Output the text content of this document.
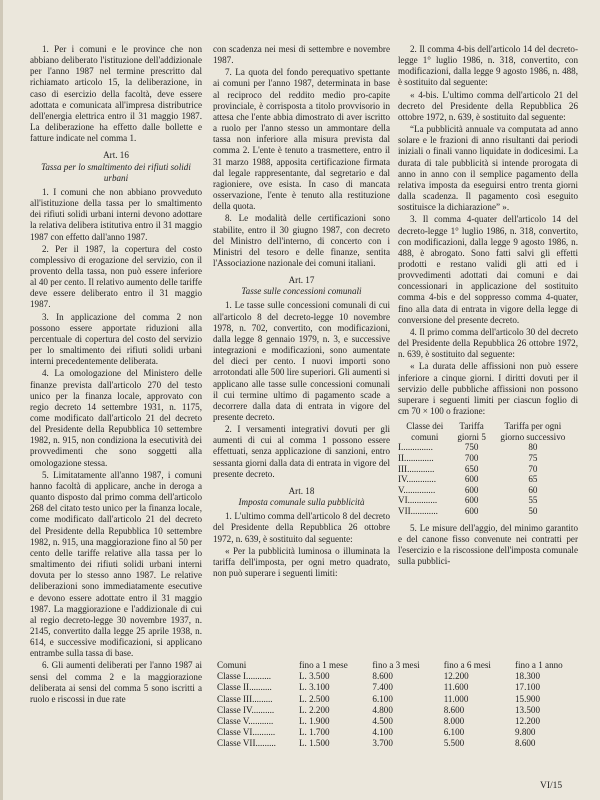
1. Per i comuni e le province che non abbiano deliberato l'istituzione dell'addizionale per l'anno 1987 nel termine prescritto dal richiamato articolo 15, la deliberazione, in caso di esercizio della facoltà, deve essere adottata e comunicata all'impresa distributrice dell'energia elettrica entro il 31 maggio 1987. La deliberazione ha effetto dalle bollette e fatture indicate nel comma 1.

Art. 16
Tassa per lo smaltimento dei rifiuti solidi urbani

1. I comuni che non abbiano provveduto all'istituzione della tassa per lo smaltimento dei rifiuti solidi urbani interni devono adottare la relativa delibera istitutiva entro il 31 maggio 1987 con effetto dall'anno 1987.

2. Per il 1987, la copertura del costo complessivo di erogazione del servizio, con il provento della tassa, non può essere inferiore al 40 per cento. Il relativo aumento delle tariffe deve essere deliberato entro il 31 maggio 1987.

3. In applicazione del comma 2 non possono essere apportate riduzioni alla percentuale di copertura del costo del servizio per lo smaltimento dei rifiuti solidi urbani interni precedentemente deliberata.

4. La omologazione del Ministero delle finanze prevista dall'articolo 270 del testo unico per la finanza locale, approvato con regio decreto 14 settembre 1931, n. 1175, come modificato dall'articolo 21 del decreto del Presidente della Repubblica 10 settembre 1982, n. 915, non condiziona la esecutività dei provvedimenti che sono soggetti alla omologazione stessa.

5. Limitatamente all'anno 1987, i comuni hanno facoltà di applicare, anche in deroga a quanto disposto dal primo comma dell'articolo 268 del citato testo unico per la finanza locale, come modificato dall'articolo 21 del decreto del Presidente della Repubblica 10 settembre 1982, n. 915, una maggiorazione fino al 50 per cento delle tariffe relative alla tassa per lo smaltimento dei rifiuti solidi urbani interni dovuta per lo stesso anno 1987. Le relative deliberazioni sono immediatamente esecutive e devono essere adottate entro il 31 maggio 1987. La maggiorazione e l'addizionale di cui al regio decreto-legge 30 novembre 1937, n. 2145, convertito dalla legge 25 aprile 1938, n. 614, e successive modificazioni, si applicano entrambe sulla tassa di base.

6. Gli aumenti deliberati per l'anno 1987 ai sensi del comma 2 e la maggiorazione deliberata ai sensi del comma 5 sono iscritti a ruolo e riscossi in due rate

con scadenza nei mesi di settembre e novembre 1987.

7. La quota del fondo perequativo spettante ai comuni per l'anno 1987, determinata in base al reciproco del reddito medio pro-capite provinciale, è corrisposta a titolo provvisorio in attesa che l'ente abbia dimostrato di aver iscritto a ruolo per l'anno stesso un ammontare della tassa non inferiore alla misura prevista dal comma 2. L'ente è tenuto a trasmettere, entro il 31 marzo 1988, apposita certificazione firmata dal legale rappresentante, dal segretario e dal ragioniere, ove esista. In caso di mancata osservazione, l'ente è tenuto alla restituzione della quota.

8. Le modalità delle certificazioni sono stabilite, entro il 30 giugno 1987, con decreto del Ministro dell'interno, di concerto con i Ministri del tesoro e delle finanze, sentita l'Associazione nazionale dei comuni italiani.

Art. 17
Tasse sulle concessioni comunali

1. Le tasse sulle concessioni comunali di cui all'articolo 8 del decreto-legge 10 novembre 1978, n. 702, convertito, con modificazioni, dalla legge 8 gennaio 1979, n. 3, e successive integrazioni e modificazioni, sono aumentate del dieci per cento. I nuovi importi sono arrotondati alle 500 lire superiori. Gli aumenti si applicano alle tasse sulle concessioni comunali il cui termine ultimo di pagamento scade a decorrere dalla data di entrata in vigore del presente decreto.

2. I versamenti integrativi dovuti per gli aumenti di cui al comma 1 possono essere effettuati, senza applicazione di sanzioni, entro sessanta giorni dalla data di entrata in vigore del presente decreto.

Art. 18
Imposta comunale sulla pubblicità

1. L'ultimo comma dell'articolo 8 del decreto del Presidente della Repubblica 26 ottobre 1972, n. 639, è sostituito dal seguente:

« Per la pubblicità luminosa o illuminata la tariffa dell'imposta, per ogni metro quadrato, non può superare i seguenti limiti:

Comuni	fino a 1 mese	fino a 3 mesi	fino a 6 mesi	fino a 1 anno
Classe I...........	L. 3.500	8.600	12.200	18.300
Classe II..........	L. 3.100	7.400	11.600	17.100
Classe III.........	L. 2.500	6.100	11.000	15.900
Classe IV..........	L. 2.200	4.800	8.600	13.500
Classe V...........	L. 1.900	4.500	8.000	12.200
Classe VI..........	L. 1.700	4.100	6.100	9.800
Classe VII.........	L. 1.500	3.700	5.500	8.600

2. Il comma 4-bis dell'articolo 14 del decreto-legge 1° luglio 1986, n. 318, convertito, con modificazioni, dalla legge 9 agosto 1986, n. 488, è sostituito dal seguente:

« 4-bis. L'ultimo comma dell'articolo 21 del decreto del Presidente della Repubblica 26 ottobre 1972, n. 639, è sostituito dal seguente:

“La pubblicità annuale va computata ad anno solare e le frazioni di anno risultanti dai periodi iniziali o finali vanno liquidate in dodicesimi. La durata di tale pubblicità si intende prorogata di anno in anno con il semplice pagamento della relativa imposta da eseguirsi entro trenta giorni dalla scadenza. Il pagamento così eseguito sostituisce la dichiarazione” ».

3. Il comma 4-quater dell'articolo 14 del decreto-legge 1° luglio 1986, n. 318, convertito, con modificazioni, dalla legge 9 agosto 1986, n. 488, è abrogato. Sono fatti salvi gli effetti prodotti e restano validi gli atti ed i provvedimenti adottati dai comuni e dai concessionari in applicazione del sostituito comma 4-bis e del soppresso comma 4-quater, fino alla data di entrata in vigore della legge di conversione del presente decreto.

4. Il primo comma dell'articolo 30 del decreto del Presidente della Repubblica 26 ottobre 1972, n. 639, è sostituito dal seguente:

« La durata delle affissioni non può essere inferiore a cinque giorni. I diritti dovuti per il servizio delle pubbliche affissioni non possono superare i seguenti limiti per ciascun foglio di cm 70 × 100 o frazione:

Classe dei comuni	Tariffa giorni 5	Tariffa per ogni giorno successivo
I..............	750	80
II.............	700	75
III............	650	70
IV.............	600	65
V..............	600	60
VI.............	600	55
VII............	600	50

5. Le misure dell'aggio, del minimo garantito e del canone fisso convenute nei contratti per l'esercizio e la riscossione dell'imposta comunale sulla pubblici-

VI/15
